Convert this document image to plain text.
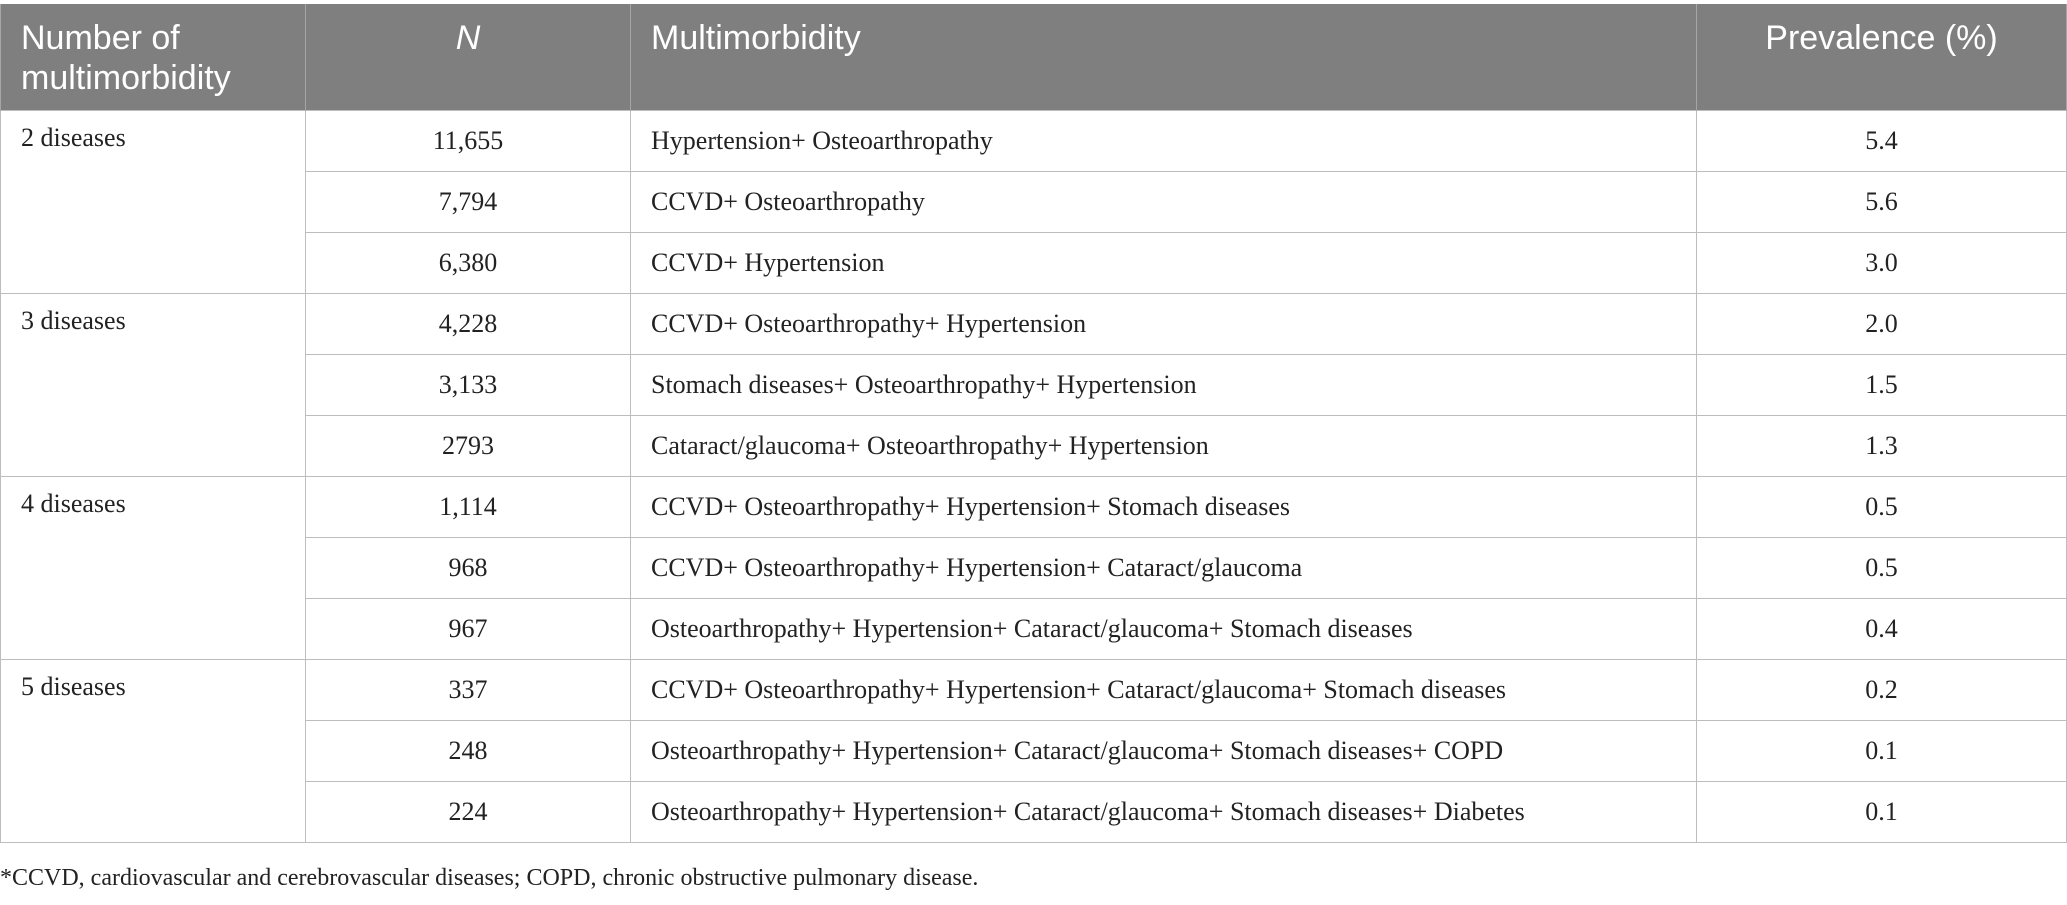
Number of multimorbidity	N	Multimorbidity	Prevalence (%)
2 diseases	11,655	Hypertension+ Osteoarthropathy	5.4
	7,794	CCVD+ Osteoarthropathy	5.6
	6,380	CCVD+ Hypertension	3.0
3 diseases	4,228	CCVD+ Osteoarthropathy+ Hypertension	2.0
	3,133	Stomach diseases+ Osteoarthropathy+ Hypertension	1.5
	2793	Cataract/glaucoma+ Osteoarthropathy+ Hypertension	1.3
4 diseases	1,114	CCVD+ Osteoarthropathy+ Hypertension+ Stomach diseases	0.5
	968	CCVD+ Osteoarthropathy+ Hypertension+ Cataract/glaucoma	0.5
	967	Osteoarthropathy+ Hypertension+ Cataract/glaucoma+ Stomach diseases	0.4
5 diseases	337	CCVD+ Osteoarthropathy+ Hypertension+ Cataract/glaucoma+ Stomach diseases	0.2
	248	Osteoarthropathy+ Hypertension+ Cataract/glaucoma+ Stomach diseases+ COPD	0.1
	224	Osteoarthropathy+ Hypertension+ Cataract/glaucoma+ Stomach diseases+ Diabetes	0.1
*CCVD, cardiovascular and cerebrovascular diseases; COPD, chronic obstructive pulmonary disease.
